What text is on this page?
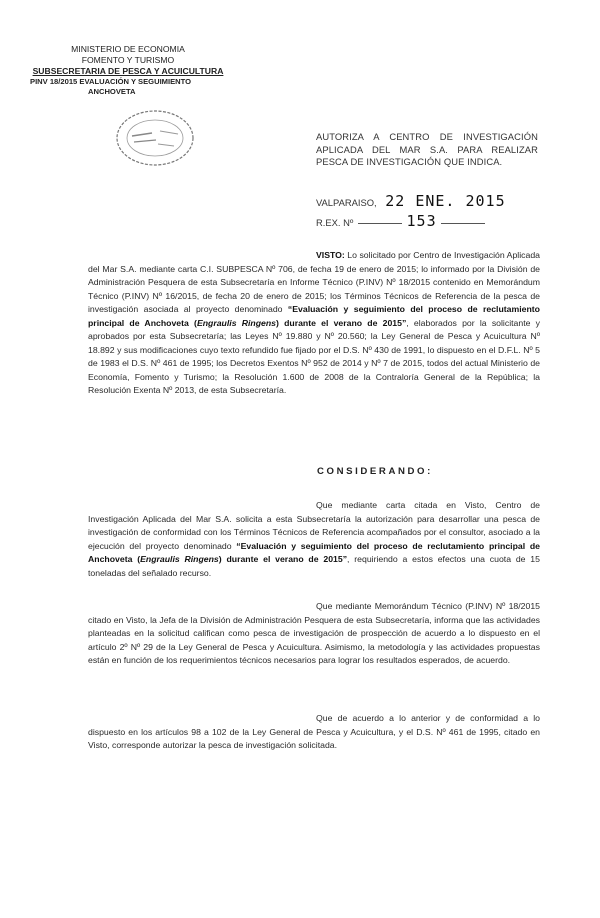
MINISTERIO DE ECONOMIA
FOMENTO Y TURISMO
SUBSECRETARIA DE PESCA Y ACUICULTURA
PINV 18/2015 EVALUACIÓN Y SEGUIMIENTO
ANCHOVETA
AUTORIZA A CENTRO DE INVESTIGACIÓN APLICADA DEL MAR S.A. PARA REALIZAR PESCA DE INVESTIGACIÓN QUE INDICA.
VALPARAISO, 22 ENE. 2015
R.EX. Nº	153

VISTO: Lo solicitado por Centro de Investigación Aplicada del Mar S.A. mediante carta C.I. SUBPESCA Nº 706, de fecha 19 de enero de 2015; lo informado por la División de Administración Pesquera de esta Subsecretaría en Informe Técnico (P.INV) Nº 18/2015 contenido en Memorándum Técnico (P.INV) Nº 16/2015, de fecha 20 de enero de 2015; los Términos Técnicos de Referencia de la pesca de investigación asociada al proyecto denominado “Evaluación y seguimiento del proceso de reclutamiento principal de Anchoveta (Engraulis Ringens) durante el verano de 2015”, elaborados por la solicitante y aprobados por esta Subsecretaría; las Leyes Nº 19.880 y Nº 20.560; la Ley General de Pesca y Acuicultura Nº 18.892 y sus modificaciones cuyo texto refundido fue fijado por el D.S. Nº 430 de 1991, lo dispuesto en el D.F.L. Nº 5 de 1983 el D.S. Nº 461 de 1995; los Decretos Exentos Nº 952 de 2014 y Nº 7 de 2015, todos del actual Ministerio de Economía, Fomento y Turismo; la Resolución 1.600 de 2008 de la Contraloría General de la República; la Resolución Exenta Nº 2013, de esta Subsecretaría.

CONSIDERANDO:

Que mediante carta citada en Visto, Centro de Investigación Aplicada del Mar S.A. solicita a esta Subsecretaría la autorización para desarrollar una pesca de investigación de conformidad con los Términos Técnicos de Referencia acompañados por el consultor, asociado a la ejecución del proyecto denominado “Evaluación y seguimiento del proceso de reclutamiento principal de Anchoveta (Engraulis Ringens) durante el verano de 2015”, requiriendo a estos efectos una cuota de 15 toneladas del señalado recurso.

Que mediante Memorándum Técnico (P.INV) Nº 18/2015 citado en Visto, la Jefa de la División de Administración Pesquera de esta Subsecretaría, informa que las actividades planteadas en la solicitud califican como pesca de investigación de prospección de acuerdo a lo dispuesto en el artículo 2º Nº 29 de la Ley General de Pesca y Acuicultura. Asimismo, la metodología y las actividades propuestas están en función de los requerimientos técnicos necesarios para lograr los resultados esperados, de acuerdo.

Que de acuerdo a lo anterior y de conformidad a lo dispuesto en los artículos 98 a 102 de la Ley General de Pesca y Acuicultura, y el D.S. Nº 461 de 1995, citado en Visto, corresponde autorizar la pesca de investigación solicitada.
